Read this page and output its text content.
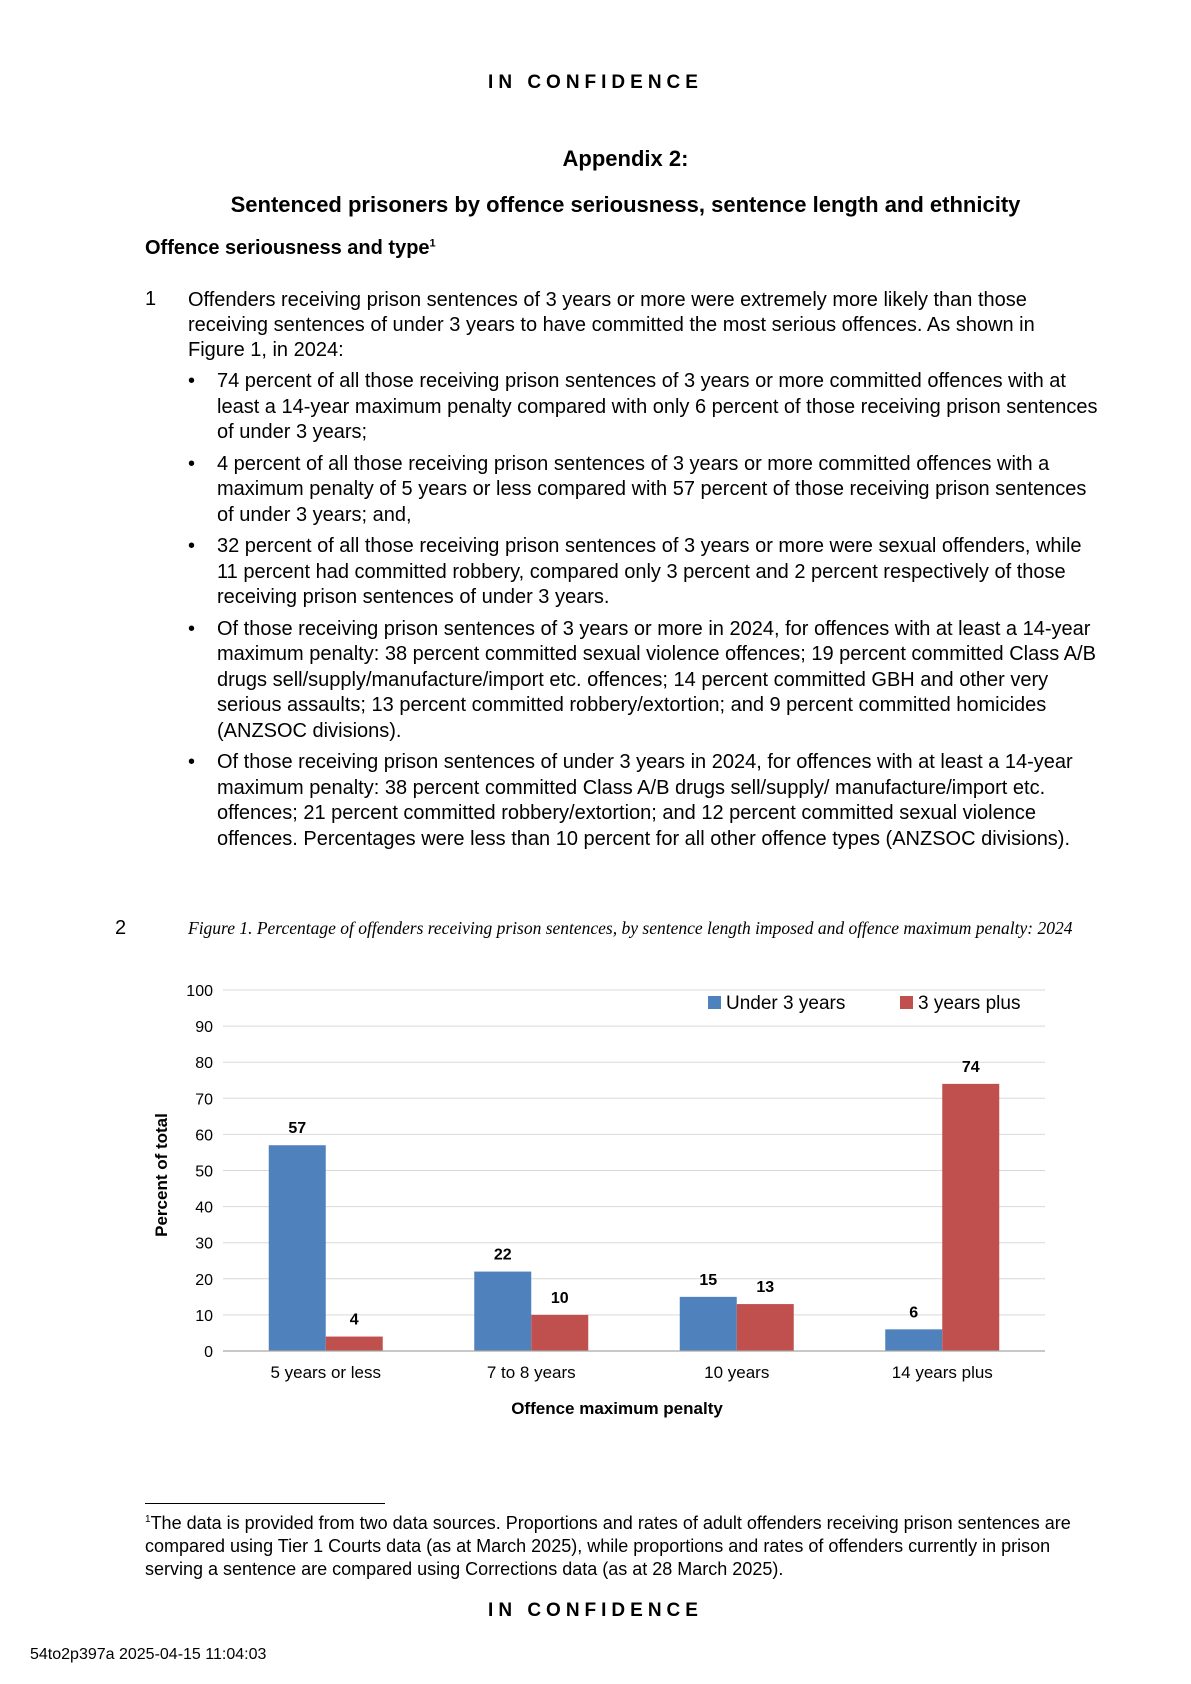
IN CONFIDENCE
Appendix 2:
Sentenced prisoners by offence seriousness, sentence length and ethnicity
Offence seriousness and type$^1$
1 Offenders receiving prison sentences of 3 years or more were extremely more likely than those receiving sentences of under 3 years to have committed the most serious offences. As shown in Figure 1, in 2024:
• 74 percent of all those receiving prison sentences of 3 years or more committed offences with at least a 14-year maximum penalty compared with only 6 percent of those receiving prison sentences of under 3 years;
• 4 percent of all those receiving prison sentences of 3 years or more committed offences with a maximum penalty of 5 years or less compared with 57 percent of those receiving prison sentences of under 3 years; and,
• 32 percent of all those receiving prison sentences of 3 years or more were sexual offenders, while 11 percent had committed robbery, compared only 3 percent and 2 percent respectively of those receiving prison sentences of under 3 years.
• Of those receiving prison sentences of 3 years or more in 2024, for offences with at least a 14-year maximum penalty: 38 percent committed sexual violence offences; 19 percent committed Class A/B drugs sell/supply/manufacture/import etc. offences; 14 percent committed GBH and other very serious assaults; 13 percent committed robbery/extortion; and 9 percent committed homicides (ANZSOC divisions).
• Of those receiving prison sentences of under 3 years in 2024, for offences with at least a 14-year maximum penalty: 38 percent committed Class A/B drugs sell/supply/ manufacture/import etc. offences; 21 percent committed robbery/extortion; and 12 percent committed sexual violence offences. Percentages were less than 10 percent for all other offence types (ANZSOC divisions).
2	Figure 1. Percentage of offenders receiving prison sentences, by sentence length imposed and offence maximum penalty: 2024
0
10
20
30
40
50
60
70
80
90
100
57
4
22
10
15 13
6
74
5 years or less	7 to 8 years	10 years	14 years plus
Percent of total
Offence maximum penalty
Under 3 years	3 years plus
$^1$The data is provided from two data sources. Proportions and rates of adult offenders receiving prison sentences are compared using Tier 1 Courts data (as at March 2025), while proportions and rates of offenders currently in prison serving a sentence are compared using Corrections data (as at 28 March 2025).
IN CONFIDENCE
54to2p397a 2025-04-15 11:04:03
